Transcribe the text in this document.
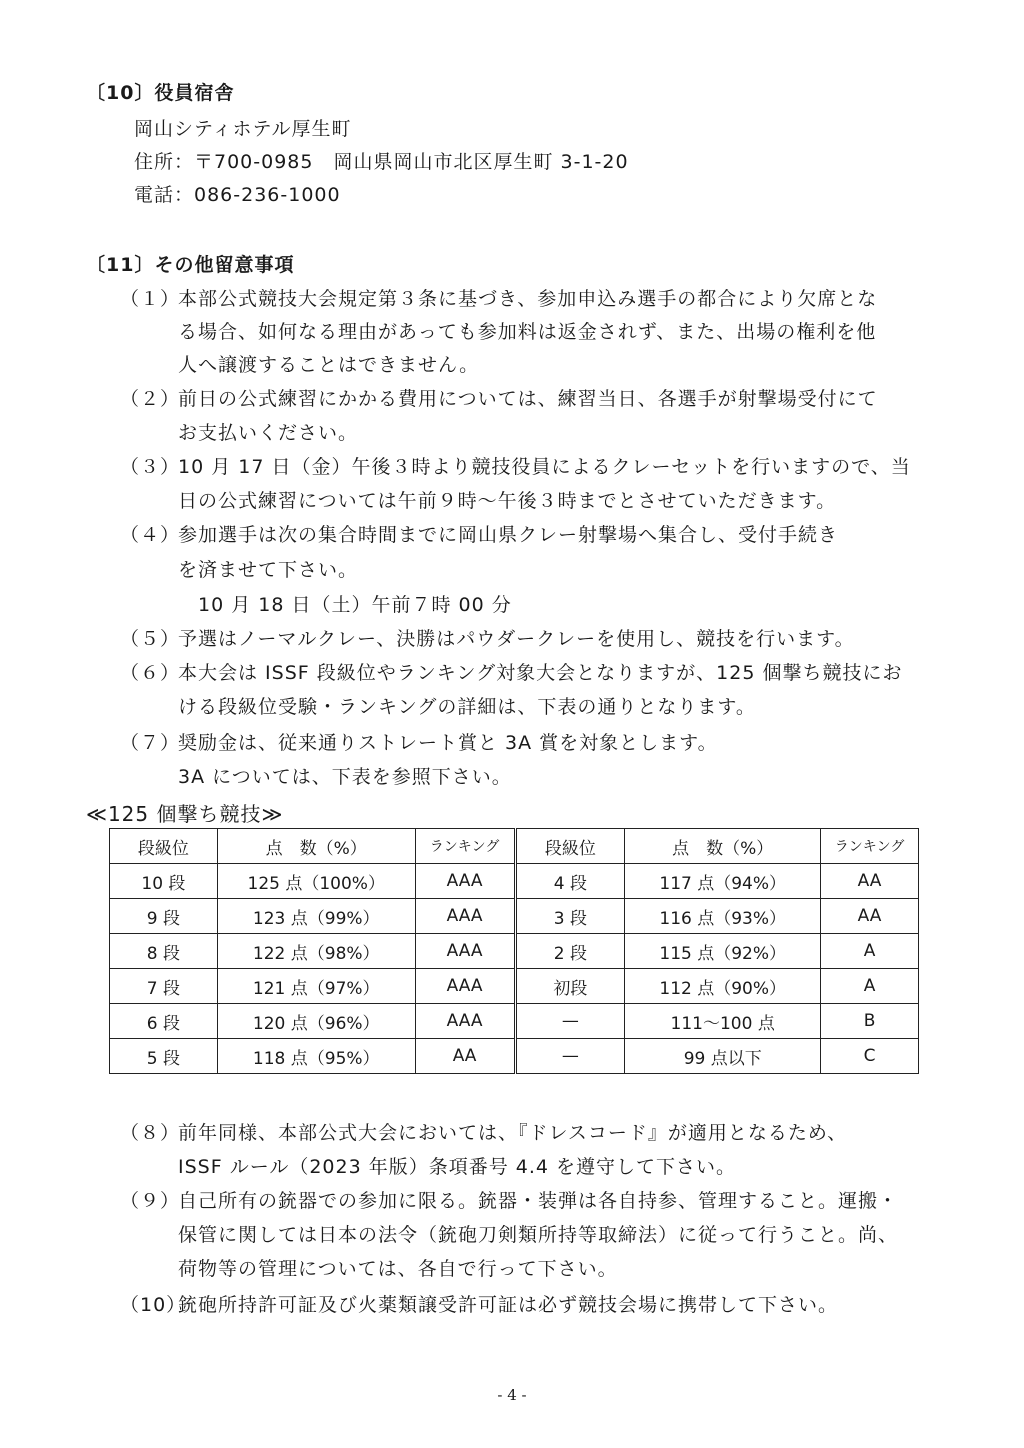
〔10〕役員宿舎
岡山シティホテル厚生町
住所：〒700-0985　岡山県岡山市北区厚生町 3-1-20
電話：086-236-1000
〔11〕その他留意事項
（１）本部公式競技大会規定第３条に基づき、参加申込み選手の都合により欠席とな
る場合、如何なる理由があっても参加料は返金されず、また、出場の権利を他
人へ譲渡することはできません。
（２）前日の公式練習にかかる費用については、練習当日、各選手が射撃場受付にて
お支払いください。
（３）10 月 17 日（金）午後３時より競技役員によるクレーセットを行いますので、当
日の公式練習については午前９時～午後３時までとさせていただきます。
（４）参加選手は次の集合時間までに岡山県クレー射撃場へ集合し、受付手続き
を済ませて下さい。
10 月 18 日（土）午前７時 00 分
（５）予選はノーマルクレー、決勝はパウダークレーを使用し、競技を行います。
（６）本大会は ISSF 段級位やランキング対象大会となりますが、125 個撃ち競技にお
ける段級位受験・ランキングの詳細は、下表の通りとなります。
（７）奨励金は、従来通りストレート賞と 3A 賞を対象とします。
3A については、下表を参照下さい。
≪125 個撃ち競技≫
段級位	点　数（%）	ランキング	段級位	点　数（%）	ランキング
10 段	125 点（100%）	AAA	4 段	117 点（94%）	AA
9 段	123 点（99%）	AAA	3 段	116 点（93%）	AA
8 段	122 点（98%）	AAA	2 段	115 点（92%）	A
7 段	121 点（97%）	AAA	初段	112 点（90%）	A
6 段	120 点（96%）	AAA	—	111～100 点	B
5 段	118 点（95%）	AA	—	99 点以下	C
（８）前年同様、本部公式大会においては、『ドレスコード』が適用となるため、
ISSF ルール（2023 年版）条項番号 4.4 を遵守して下さい。
（９）自己所有の銃器での参加に限る。銃器・装弾は各自持参、管理すること。運搬・
保管に関しては日本の法令（銃砲刀剣類所持等取締法）に従って行うこと。尚、
荷物等の管理については、各自で行って下さい。
（10）銃砲所持許可証及び火薬類譲受許可証は必ず競技会場に携帯して下さい。
- 4 -
